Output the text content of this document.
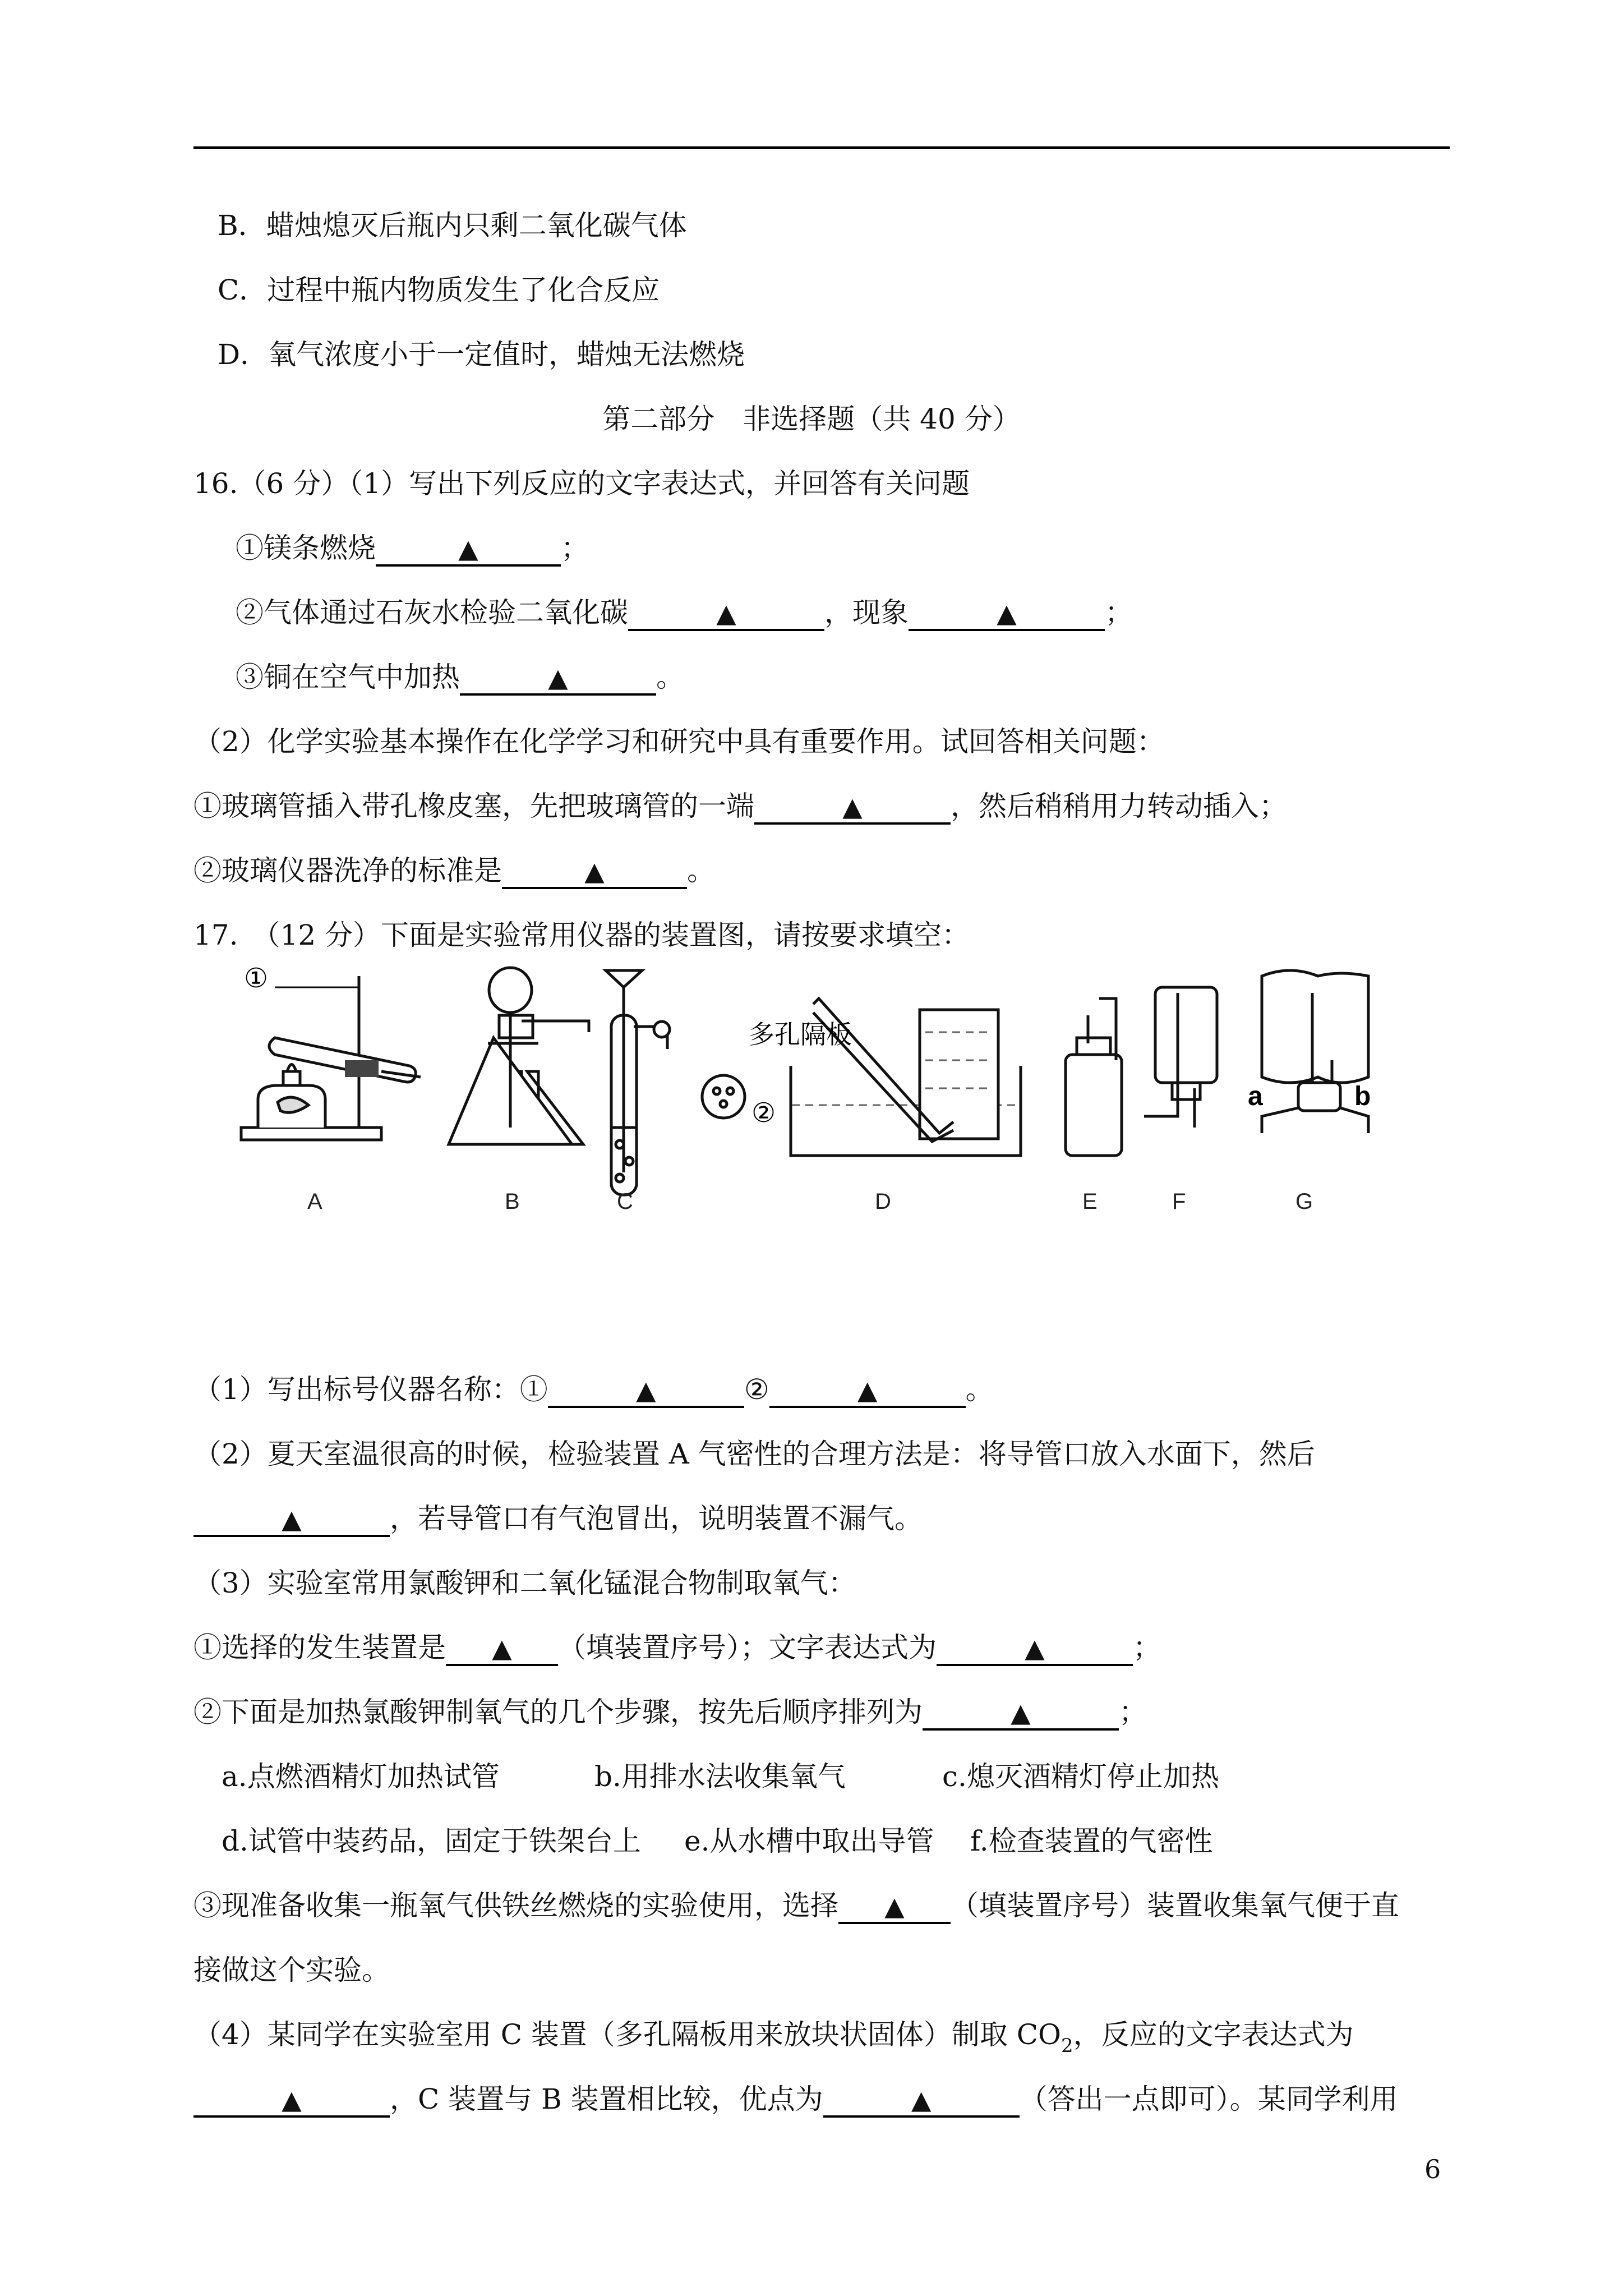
B．蜡烛熄灭后瓶内只剩二氧化碳气体
C．过程中瓶内物质发生了化合反应
D．氧气浓度小于一定值时，蜡烛无法燃烧
第二部分　非选择题（共 40 分）
16.（6 分）（1）写出下列反应的文字表达式，并回答有关问题
①镁条燃烧	▲	；
②气体通过石灰水检验二氧化碳	▲	，现象	▲	；
③铜在空气中加热	▲	。
（2）化学实验基本操作在化学学习和研究中具有重要作用。试回答相关问题：
①玻璃管插入带孔橡皮塞，先把玻璃管的一端	▲	，然后稍稍用力转动插入；
②玻璃仪器洗净的标准是	▲	。
17.　（12 分）下面是实验常用仪器的装置图，请按要求填空：
A	B	C	D	E	F	G
①
多孔隔板
②
a	b
（1）写出标号仪器名称：①	▲	②	▲	。
（2）夏天室温很高的时候，检验装置 A 气密性的合理方法是：将导管口放入水面下，然后
▲	，若导管口有气泡冒出，说明装置不漏气。
（3）实验室常用氯酸钾和二氧化锰混合物制取氧气：
①选择的发生装置是 ▲ （填装置序号）；文字表达式为	▲	；
②下面是加热氯酸钾制氧气的几个步骤，按先后顺序排列为	▲	；
a.点燃酒精灯加热试管	b.用排水法收集氧气	c.熄灭酒精灯停止加热
d.试管中装药品，固定于铁架台上 e.从水槽中取出导管 f.检查装置的气密性
③现准备收集一瓶氧气供铁丝燃烧的实验使用，选择 ▲ （填装置序号）装置收集氧气便于直
接做这个实验。
（4）某同学在实验室用 C 装置（多孔隔板用来放块状固体）制取 $CO_2$，反应的文字表达式为
▲	，C 装置与 B 装置相比较，优点为	▲	（答出一点即可）。某同学利用
6
